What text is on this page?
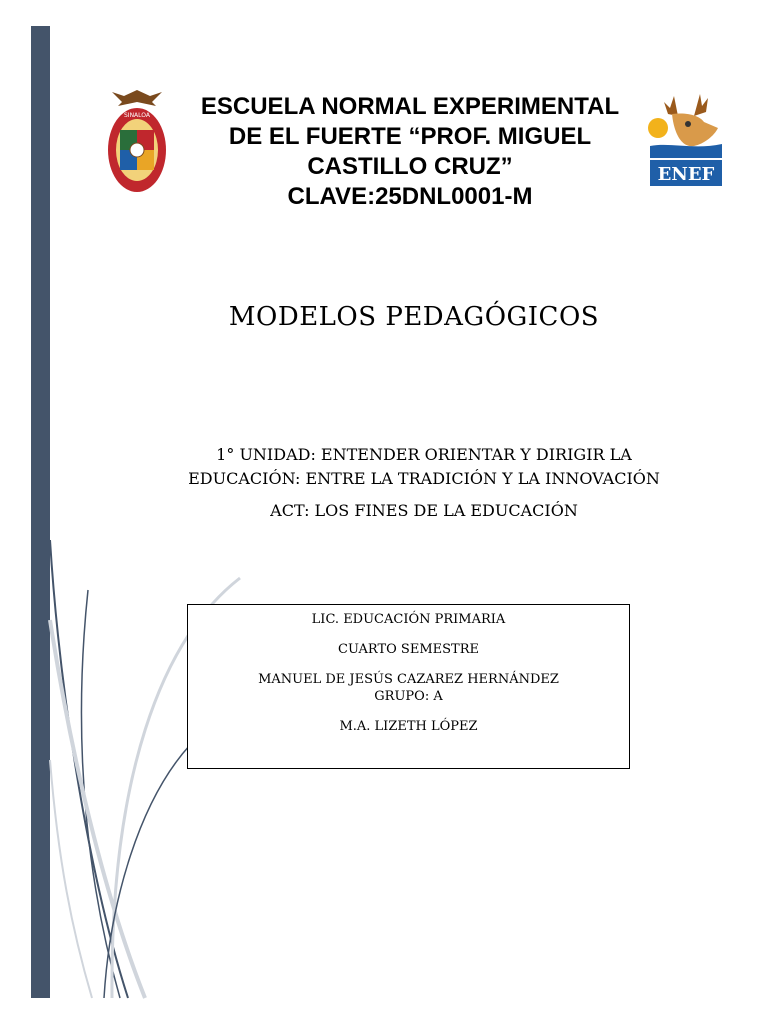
SINALOA
ENEF
ESCUELA NORMAL EXPERIMENTAL
DE EL FUERTE “PROF. MIGUEL
CASTILLO CRUZ”
CLAVE:25DNL0001-M
MODELOS PEDAGÓGICOS
1° UNIDAD: ENTENDER ORIENTAR Y DIRIGIR LA
EDUCACIÓN: ENTRE LA TRADICIÓN Y LA INNOVACIÓN
ACT: LOS FINES DE LA EDUCACIÓN
LIC. EDUCACIÓN PRIMARIA
CUARTO SEMESTRE
MANUEL DE JESÚS CAZAREZ HERNÁNDEZ
GRUPO: A
M.A. LIZETH LÓPEZ
